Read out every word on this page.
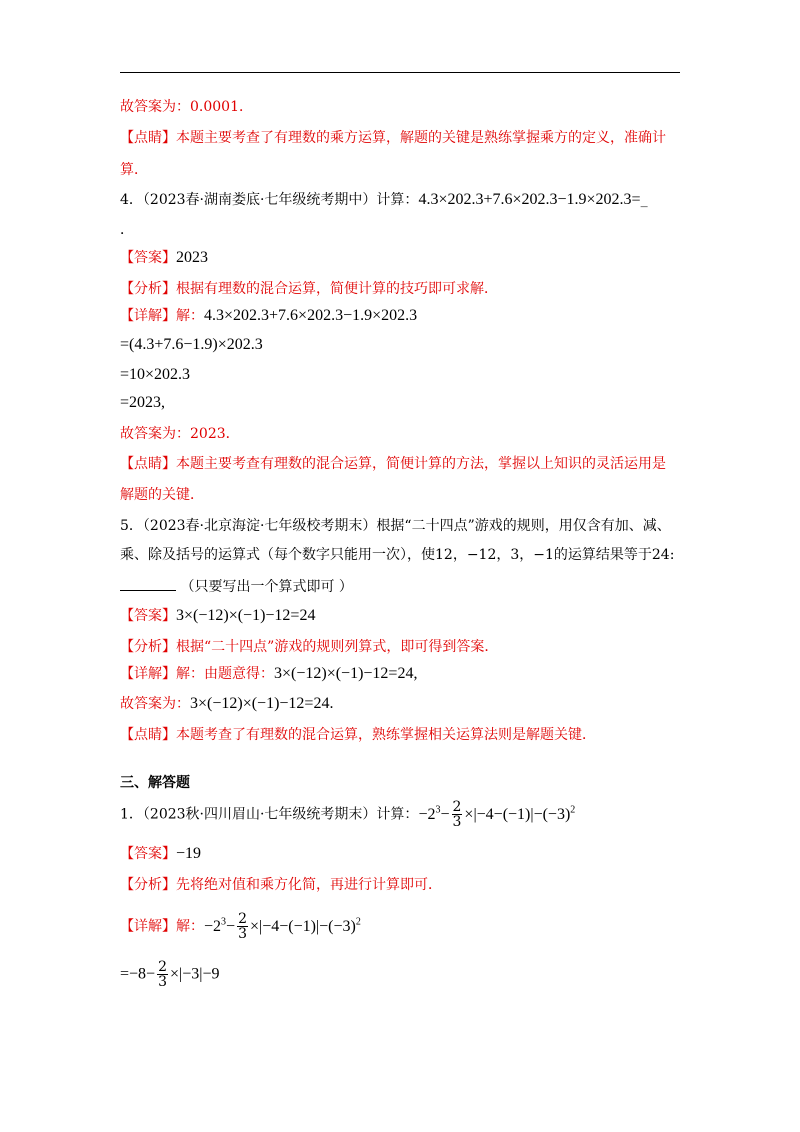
故答案为：0.0001．
【点睛】本题主要考查了有理数的乘方运算，解题的关键是熟练掌握乘方的定义，准确计
算．
4．（2023春·湖南娄底·七年级统考期中）计算：4.3×202.3+7.6×202.3−1.9×202.3=_
．
【答案】2023
【分析】根据有理数的混合运算，简便计算的技巧即可求解．
【详解】解：4.3×202.3+7.6×202.3−1.9×202.3
=(4.3+7.6−1.9)×202.3
=10×202.3
=2023,
故答案为：2023．
【点睛】本题主要考查有理数的混合运算，简便计算的方法，掌握以上知识的灵活运用是
解题的关键．
5．（2023春·北京海淀·七年级校考期末）根据“二十四点”游戏的规则，用仅含有加、减、
乘、除及括号的运算式（每个数字只能用一次），使12，−12，3，−1的运算结果等于24:
（只要写出一个算式即可 ）
【答案】3×(−12)×(−1)−12=24
【分析】根据“二十四点”游戏的规则列算式，即可得到答案．
【详解】解：由题意得：3×(−12)×(−1)−12=24,
故答案为：3×(−12)×(−1)−12=24.
【点睛】本题考查了有理数的混合运算，熟练掌握相关运算法则是解题关键．
三、解答题
1．（2023秋·四川眉山·七年级统考期末）计算：$-2^3- \frac{2}{3} \times|-4-(-1)|-(-3)^2$
【答案】−19
【分析】先将绝对值和乘方化简，再进行计算即可．
【详解】解：$-2^3- \frac{2}{3} \times|-4-(-1)|-(-3)^2$
$=-8- \frac{2}{3} \times|-3|-9$
